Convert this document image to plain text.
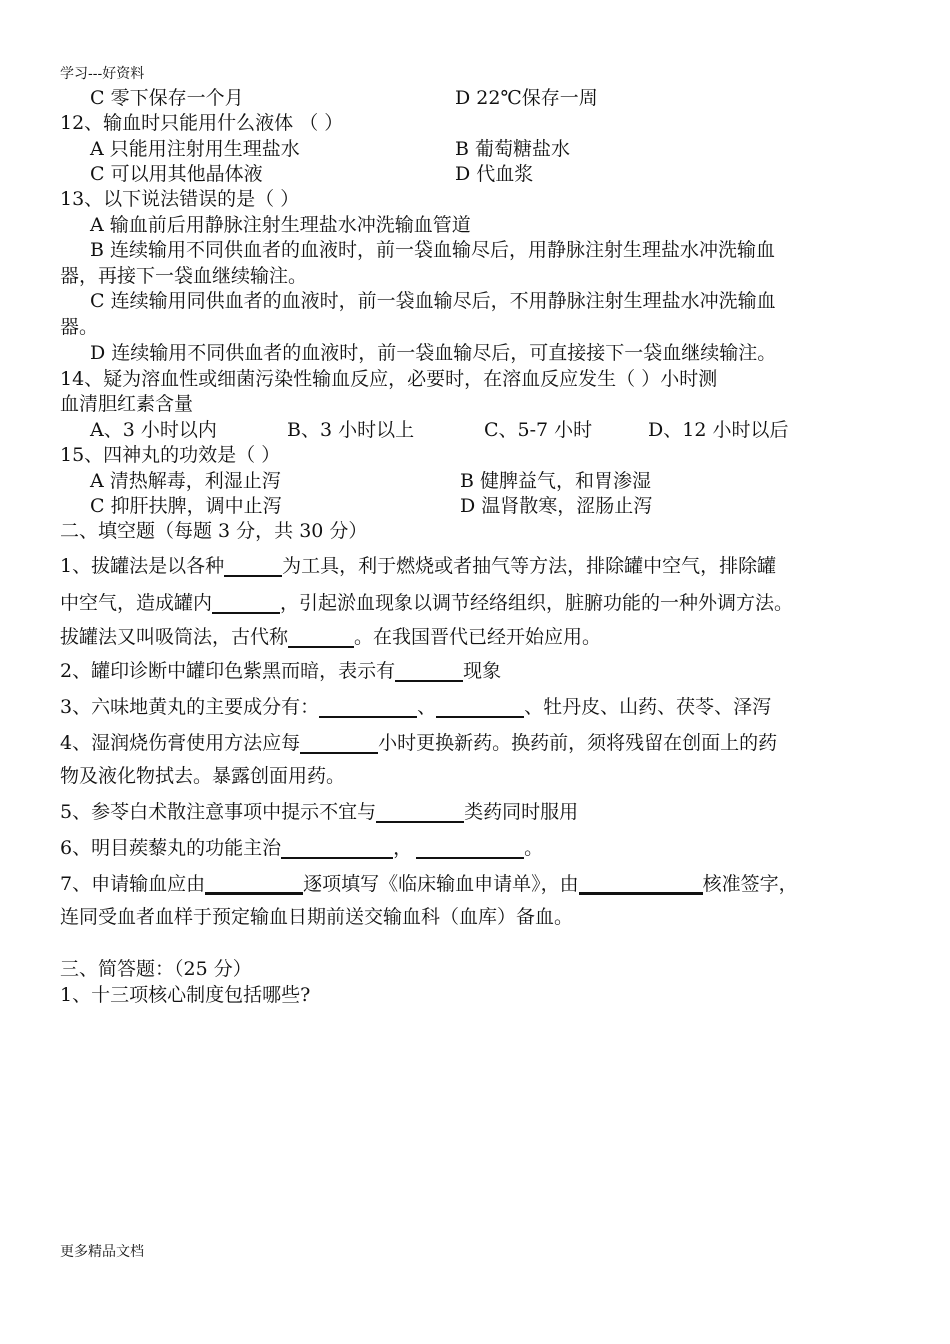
学习---好资料
C 零下保存一个月	D 22℃保存一周
12、输血时只能用什么液体 （ ）
A 只能用注射用生理盐水	B 葡萄糖盐水
C 可以用其他晶体液	D 代血浆
13、以下说法错误的是（ ）
A 输血前后用静脉注射生理盐水冲洗输血管道
B 连续输用不同供血者的血液时，前一袋血输尽后，用静脉注射生理盐水冲洗输血
器，再接下一袋血继续输注。
C 连续输用同供血者的血液时，前一袋血输尽后，不用静脉注射生理盐水冲洗输血
器。
D 连续输用不同供血者的血液时，前一袋血输尽后，可直接接下一袋血继续输注。
14、疑为溶血性或细菌污染性输血反应，必要时，在溶血反应发生（ ）小时测
血清胆红素含量
A、3 小时以内	B、3 小时以上	C、5-7 小时	D、12 小时以后
15、四神丸的功效是（ ）
A 清热解毒，利湿止泻	B 健脾益气，和胃渗湿
C 抑肝扶脾，调中止泻	D 温肾散寒，涩肠止泻
二、填空题（每题 3 分，共 30 分）
1、拔罐法是以各种	为工具，利于燃烧或者抽气等方法，排除罐中空气，排除罐
中空气，造成罐内	，引起淤血现象以调节经络组织，脏腑功能的一种外调方法。
拔罐法又叫吸筒法，古代称	。在我国晋代已经开始应用。
2、罐印诊断中罐印色紫黑而暗，表示有	现象
3、六味地黄丸的主要成分有：	、	、牡丹皮、山药、茯苓、泽泻
4、湿润烧伤膏使用方法应每	小时更换新药。换药前，须将残留在创面上的药
物及液化物拭去。暴露创面用药。
5、参苓白术散注意事项中提示不宜与	类药同时服用
6、明目蒺藜丸的功能主治	，	。
7、申请输血应由	逐项填写《临床输血申请单》，由	核准签字，
连同受血者血样于预定输血日期前送交输血科（血库）备血。
三、简答题：（25 分）
1、十三项核心制度包括哪些?
更多精品文档
